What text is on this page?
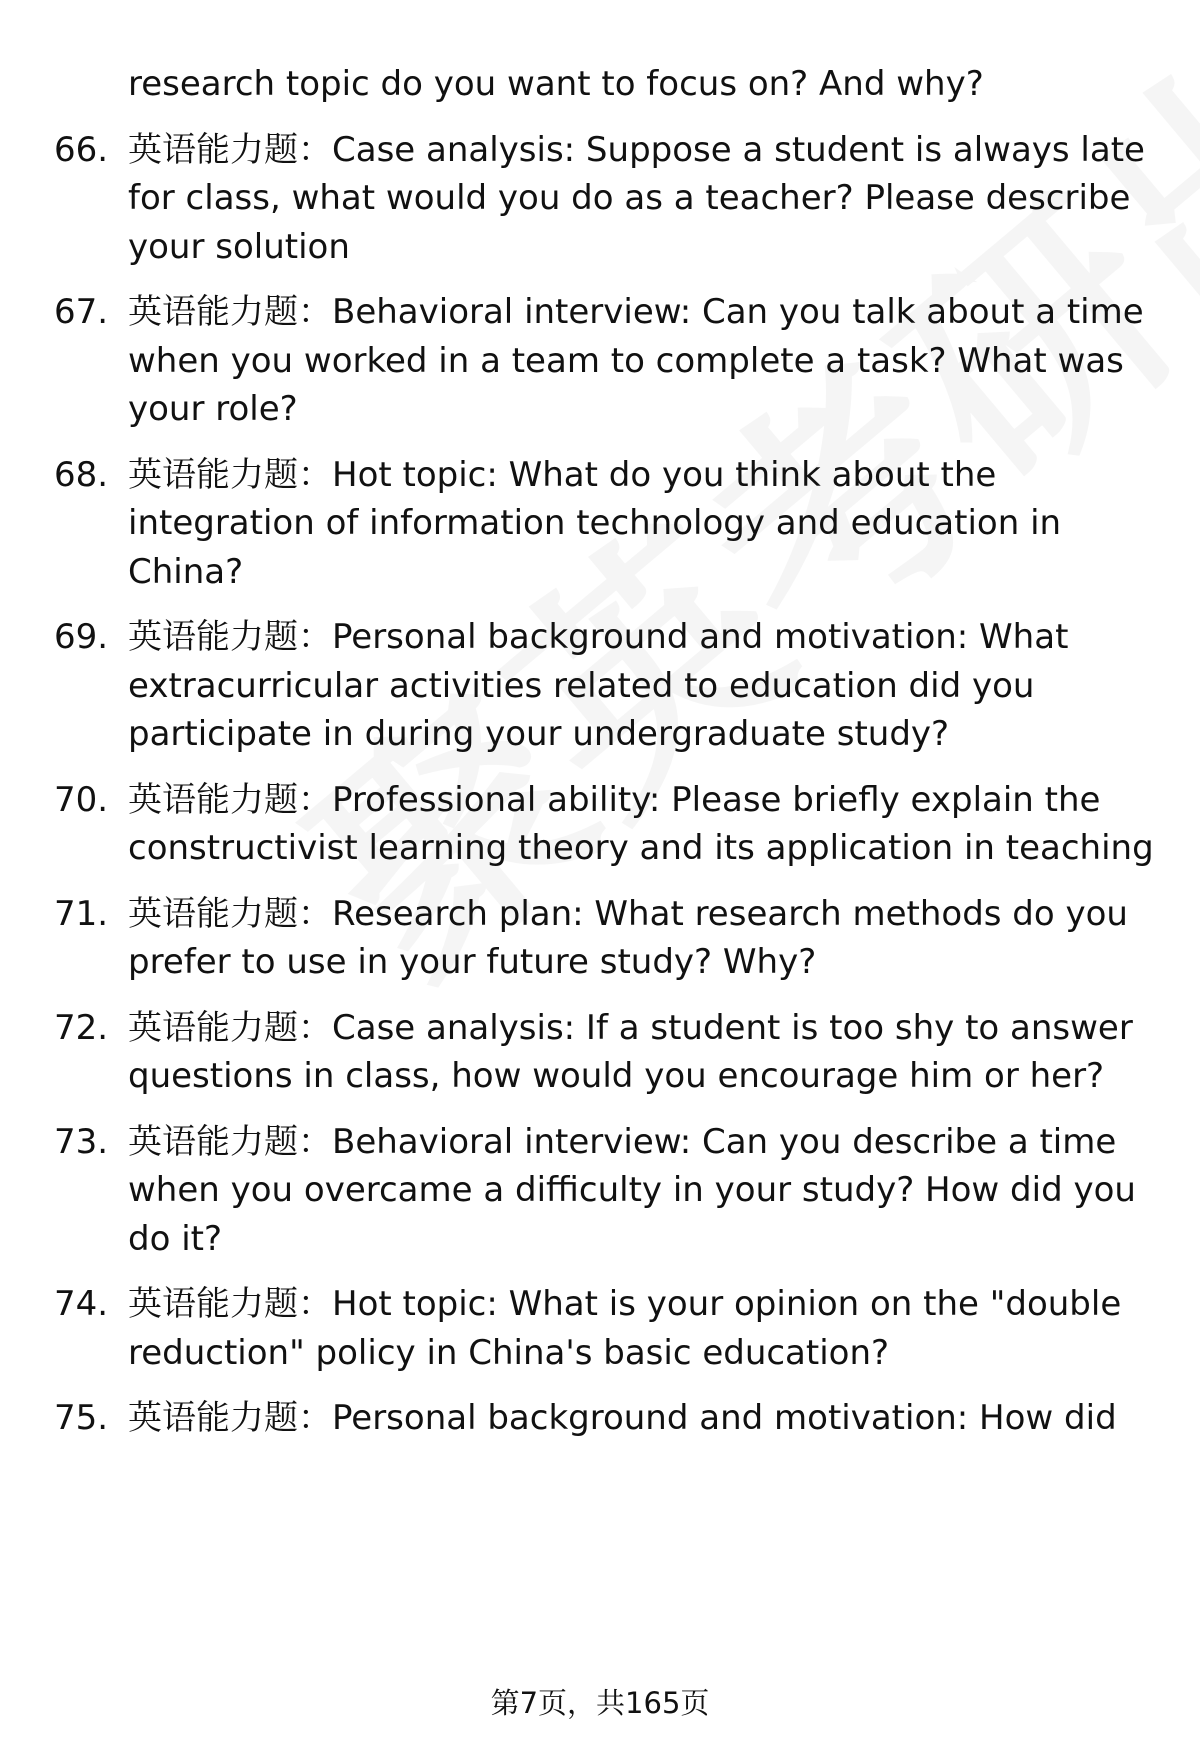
research topic do you want to focus on? And why?
66. 英语能力题：Case analysis: Suppose a student is always late for class, what would you do as a teacher? Please describe your solution
67. 英语能力题：Behavioral interview: Can you talk about a time when you worked in a team to complete a task? What was your role?
68. 英语能力题：Hot topic: What do you think about the integration of information technology and education in China?
69. 英语能力题：Personal background and motivation: What extracurricular activities related to education did you participate in during your undergraduate study?
70. 英语能力题：Professional ability: Please briefly explain the constructivist learning theory and its application in teaching
71. 英语能力题：Research plan: What research methods do you prefer to use in your future study? Why?
72. 英语能力题：Case analysis: If a student is too shy to answer questions in class, how would you encourage him or her?
73. 英语能力题：Behavioral interview: Can you describe a time when you overcame a difficulty in your study? How did you do it?
74. 英语能力题：Hot topic: What is your opinion on the "double reduction" policy in China's basic education?
75. 英语能力题：Personal background and motivation: How did
第7页，共165页
